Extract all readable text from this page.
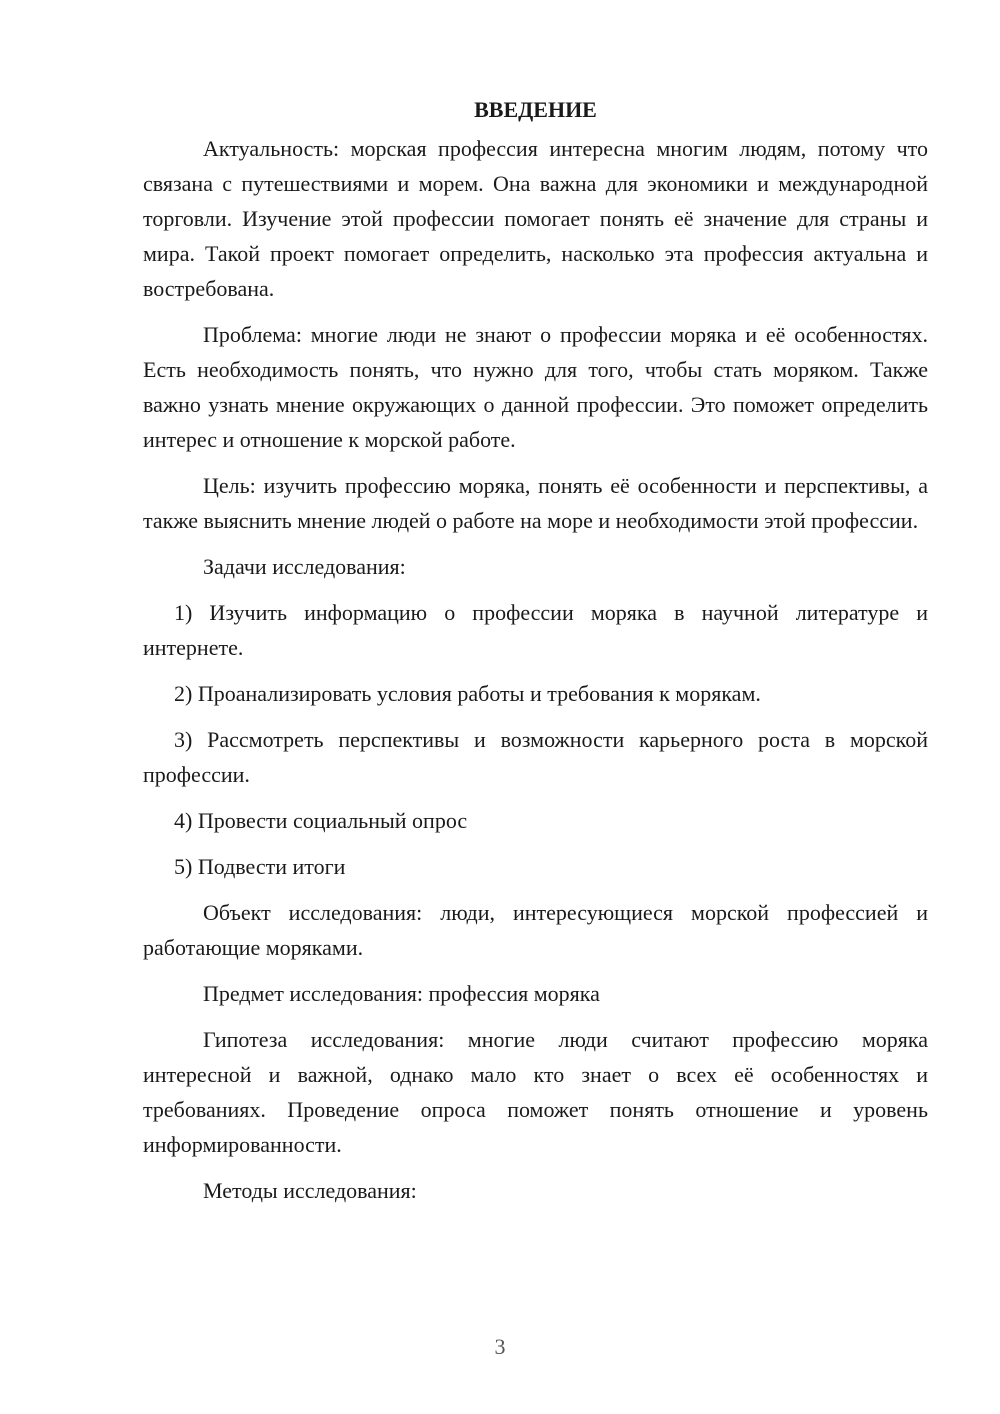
ВВЕДЕНИЕ

Актуальность: морская профессия интересна многим людям, потому что связана с путешествиями и морем. Она важна для экономики и международной торговли. Изучение этой профессии помогает понять её значение для страны и мира. Такой проект помогает определить, насколько эта профессия актуальна и востребована.

Проблема: многие люди не знают о профессии моряка и её особенностях. Есть необходимость понять, что нужно для того, чтобы стать моряком. Также важно узнать мнение окружающих о данной профессии. Это поможет определить интерес и отношение к морской работе.

Цель: изучить профессию моряка, понять её особенности и перспективы, а также выяснить мнение людей о работе на море и необходимости этой профессии.

Задачи исследования:

1) Изучить информацию о профессии моряка в научной литературе и интернете.

2) Проанализировать условия работы и требования к морякам.

3) Рассмотреть перспективы и возможности карьерного роста в морской профессии.

4) Провести социальный опрос

5) Подвести итоги

Объект исследования: люди, интересующиеся морской профессией и работающие моряками.

Предмет исследования: профессия моряка

Гипотеза исследования: многие люди считают профессию моряка интересной и важной, однако мало кто знает о всех её особенностях и требованиях. Проведение опроса поможет понять отношение и уровень информированности.

Методы исследования:

3
